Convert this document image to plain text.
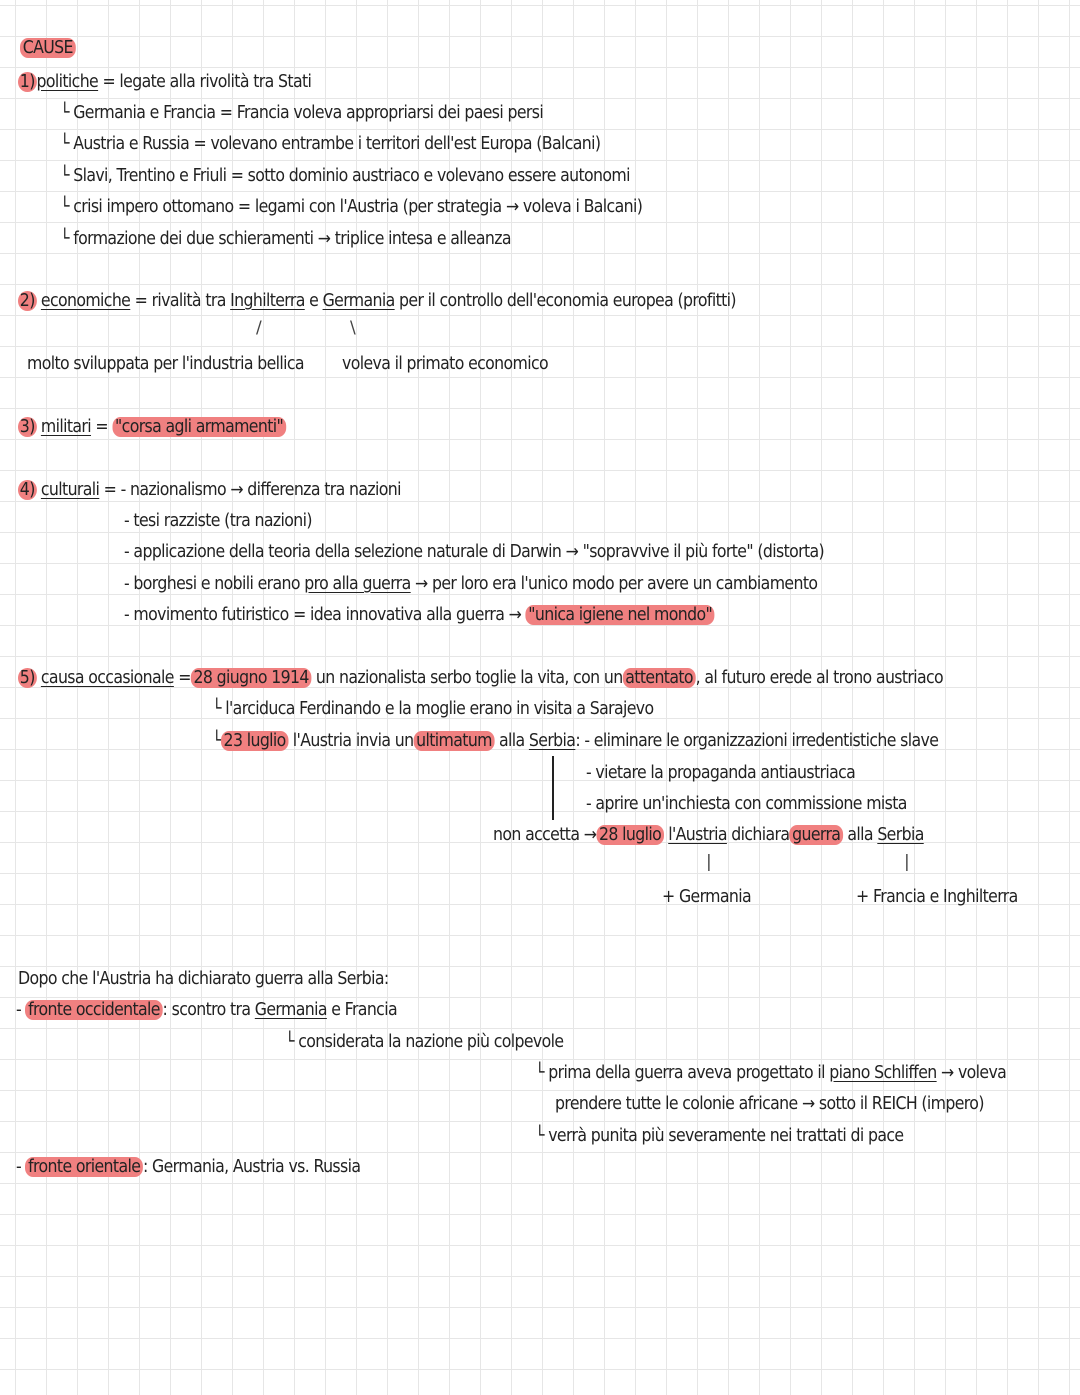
CAUSE
1) politiche = legate alla rivolità tra Stati
└ Germania e Francia = Francia voleva appropriarsi dei paesi persi
└ Austria e Russia = volevano entrambe i territori dell'est Europa (Balcani)
└ Slavi, Trentino e Friuli = sotto dominio austriaco e volevano essere autonomi
└ crisi impero ottomano = legami con l'Austria (per strategia → voleva i Balcani)
└ formazione dei due schieramenti → triplice intesa e alleanza
2) economiche = rivalità tra Inghilterra e Germania per il controllo dell'economia europea (profitti)
/	\
molto sviluppata per l'industria bellica voleva il primato economico
3) militari = "corsa agli armamenti"
4) culturali = - nazionalismo → differenza tra nazioni
- tesi razziste (tra nazioni)
- applicazione della teoria della selezione naturale di Darwin → "sopravvive il più forte" (distorta)
- borghesi e nobili erano pro alla guerra → per loro era l'unico modo per avere un cambiamento
- movimento futiristico = idea innovativa alla guerra → "unica igiene nel mondo"
5) causa occasionale = 28 giugno 1914 un nazionalista serbo toglie la vita, con un attentato , al futuro erede al trono austriaco
└ l'arciduca Ferdinando e la moglie erano in visita a Sarajevo
└ 23 luglio l'Austria invia un ultimatum alla Serbia: - eliminare le organizzazioni irredentistiche slave
- vietare la propaganda antiaustriaca
- aprire un'inchiesta con commissione mista
non accetta → 28 luglio l'Austria dichiara guerra alla Serbia
|	|
+ Germania	+ Francia e Inghilterra
Dopo che l'Austria ha dichiarato guerra alla Serbia:
- fronte occidentale : scontro tra Germania e Francia
└ considerata la nazione più colpevole
└ prima della guerra aveva progettato il piano Schliffen → voleva
prendere tutte le colonie africane → sotto il REICH (impero)
└ verrà punita più severamente nei trattati di pace
- fronte orientale : Germania, Austria vs. Russia
